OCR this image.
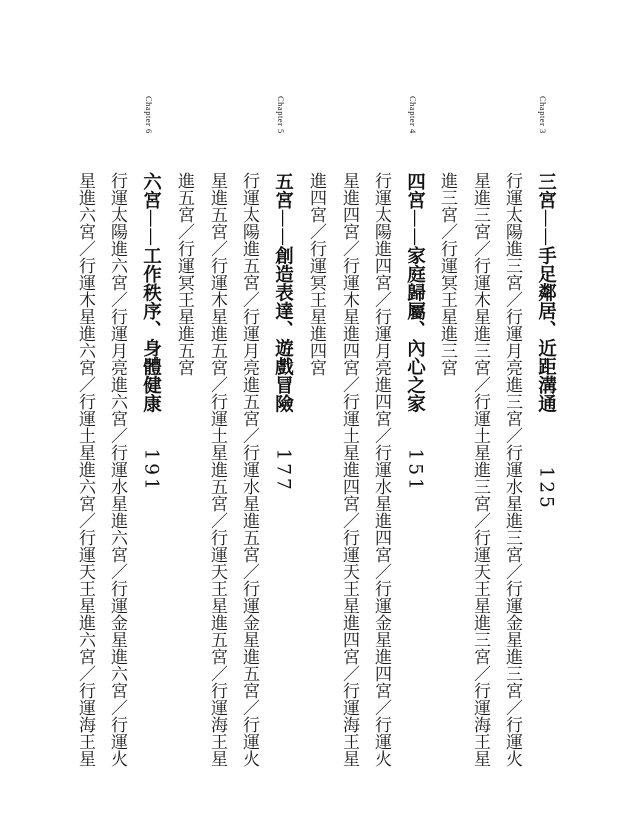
Chapter 3
三宮——手足鄰居、近距溝通125
行運太陽進三宮／行運月亮進三宮／行運水星進三宮／行運金星進三宮／行運火
星進三宮／行運木星進三宮／行運土星進三宮／行運天王星進三宮／行運海王星
進三宮／行運冥王星進三宮
Chapter 4
四宮——家庭歸屬、內心之家151
行運太陽進四宮／行運月亮進四宮／行運水星進四宮／行運金星進四宮／行運火
星進四宮／行運木星進四宮／行運土星進四宮／行運天王星進四宮／行運海王星
進四宮／行運冥王星進四宮
Chapter 5
五宮——創造表達、遊戲冒險177
行運太陽進五宮／行運月亮進五宮／行運水星進五宮／行運金星進五宮／行運火
星進五宮／行運木星進五宮／行運土星進五宮／行運天王星進五宮／行運海王星
進五宮／行運冥王星進五宮
Chapter 6
六宮——工作秩序、身體健康191
行運太陽進六宮／行運月亮進六宮／行運水星進六宮／行運金星進六宮／行運火
星進六宮／行運木星進六宮／行運土星進六宮／行運天王星進六宮／行運海王星
